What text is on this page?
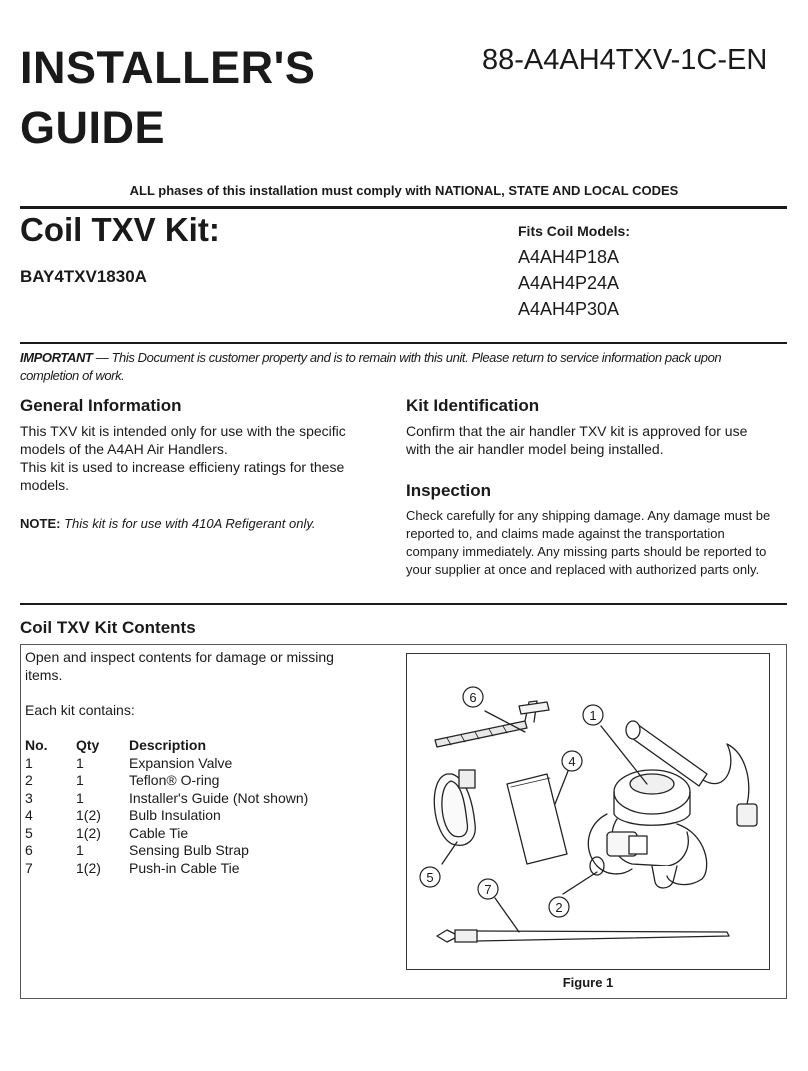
INSTALLER'S
GUIDE
88-A4AH4TXV-1C-EN
ALL phases of this installation must comply with NATIONAL, STATE AND LOCAL CODES
Coil TXV Kit:
BAY4TXV1830A
Fits Coil Models:
A4AH4P18A
A4AH4P24A
A4AH4P30A
IMPORTANT — This Document is customer property and is to remain with this unit. Please return to service information pack upon completion of work.
General Information
This TXV kit is intended only for use with the specific models of the A4AH Air Handlers.
This kit is used to increase efficieny ratings for these models.
NOTE: This kit is for use with 410A Refigerant only.
Kit Identification
Confirm that the air handler TXV kit is approved for use with the air handler model being installed.
Inspection
Check carefully for any shipping damage. Any damage must be reported to, and claims made against the transportation company immediately. Any missing parts should be reported to your supplier at once and replaced with authorized parts only.
Coil TXV Kit Contents
Open and inspect contents for damage or missing items.
Each kit contains:
No.	Qty	Description
1	1	Expansion Valve
2	1	Teflon® O-ring
3	1	Installer's Guide (Not shown)
4	1(2)	Bulb Insulation
5	1(2)	Cable Tie
6	1	Sensing Bulb Strap
7	1(2)	Push-in Cable Tie
6
1
4
5
7
2
Figure 1
